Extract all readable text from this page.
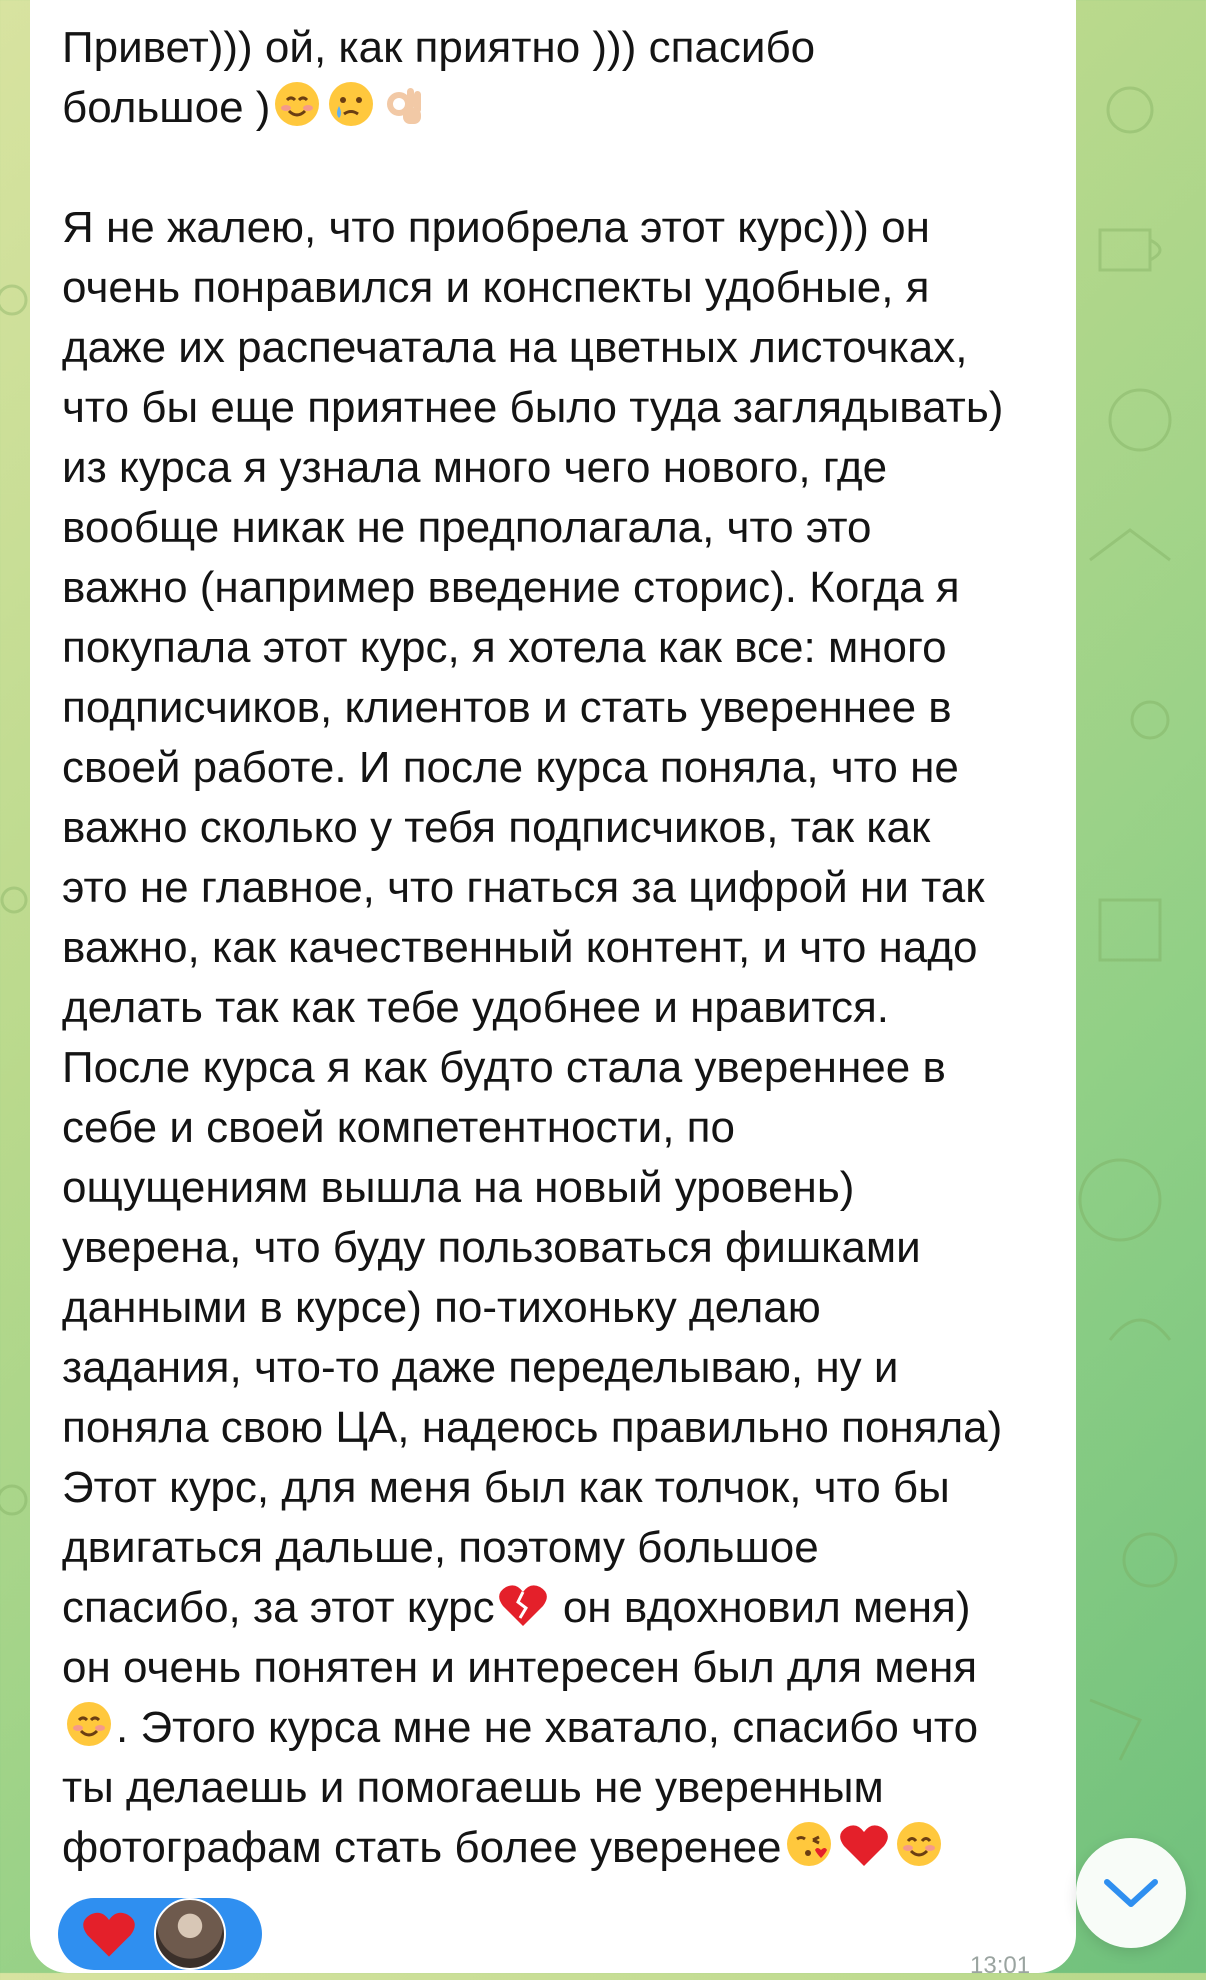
Привет))) ой, как приятно ))) спасибо
большое )
Я не жалею, что приобрела этот курс))) он
очень понравился и конспекты удобные, я
даже их распечатала на цветных листочках,
что бы еще приятнее было туда заглядывать)
из курса я узнала много чего нового, где
вообще никак не предполагала, что это
важно (например введение сторис). Когда я
покупала этот курс, я хотела как все: много
подписчиков, клиентов и стать увереннее в
своей работе. И после курса поняла, что не
важно сколько у тебя подписчиков, так как
это не главное, что гнаться за цифрой ни так
важно, как качественный контент, и что надо
делать так как тебе удобнее и нравится.
После курса я как будто стала увереннее в
себе и своей компетентности, по
ощущениям вышла на новый уровень)
уверена, что буду пользоваться фишками
данными в курсе) по-тихоньку делаю
задания, что-то даже переделываю, ну и
поняла свою ЦА, надеюсь правильно поняла)
Этот курс, для меня был как толчок, что бы
двигаться дальше, поэтому большое
спасибо, за этот курс он вдохновил меня)
он очень понятен и интересен был для меня
. Этого курса мне не хватало, спасибо что
ты делаешь и помогаешь не уверенным
фотографам стать более уверенее

13:01
